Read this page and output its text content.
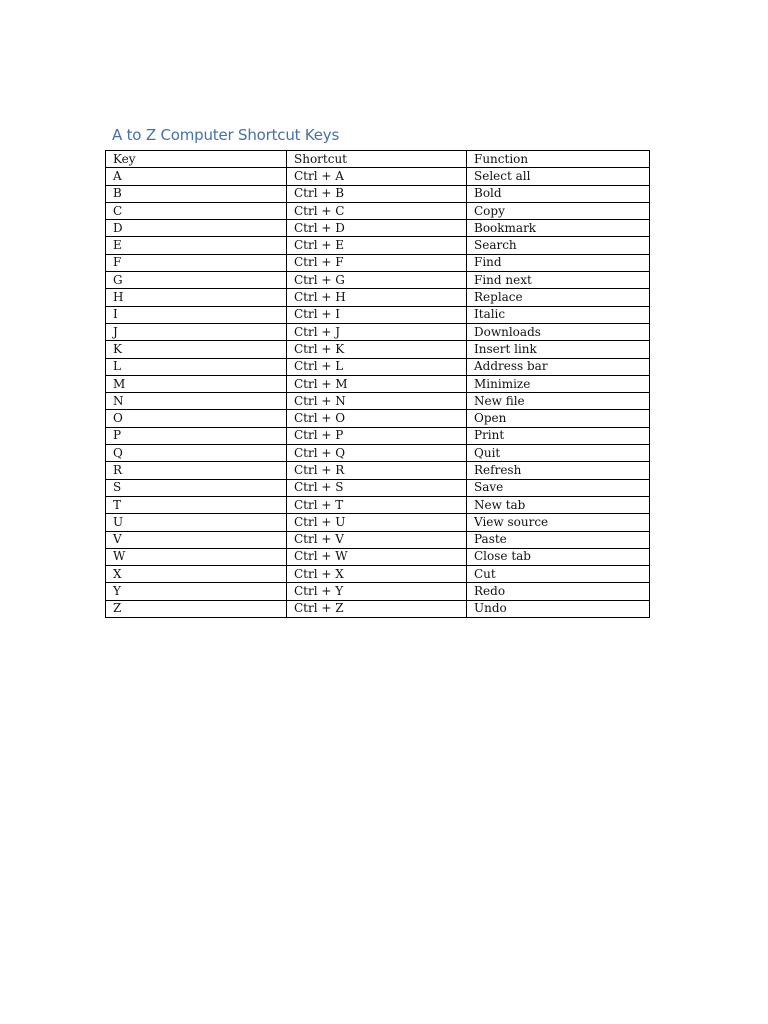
A to Z Computer Shortcut Keys
Key	Shortcut	Function
A	Ctrl + A	Select all
B	Ctrl + B	Bold
C	Ctrl + C	Copy
D	Ctrl + D	Bookmark
E	Ctrl + E	Search
F	Ctrl + F	Find
G	Ctrl + G	Find next
H	Ctrl + H	Replace
I	Ctrl + I	Italic
J	Ctrl + J	Downloads
K	Ctrl + K	Insert link
L	Ctrl + L	Address bar
M	Ctrl + M	Minimize
N	Ctrl + N	New file
O	Ctrl + O	Open
P	Ctrl + P	Print
Q	Ctrl + Q	Quit
R	Ctrl + R	Refresh
S	Ctrl + S	Save
T	Ctrl + T	New tab
U	Ctrl + U	View source
V	Ctrl + V	Paste
W	Ctrl + W	Close tab
X	Ctrl + X	Cut
Y	Ctrl + Y	Redo
Z	Ctrl + Z	Undo
